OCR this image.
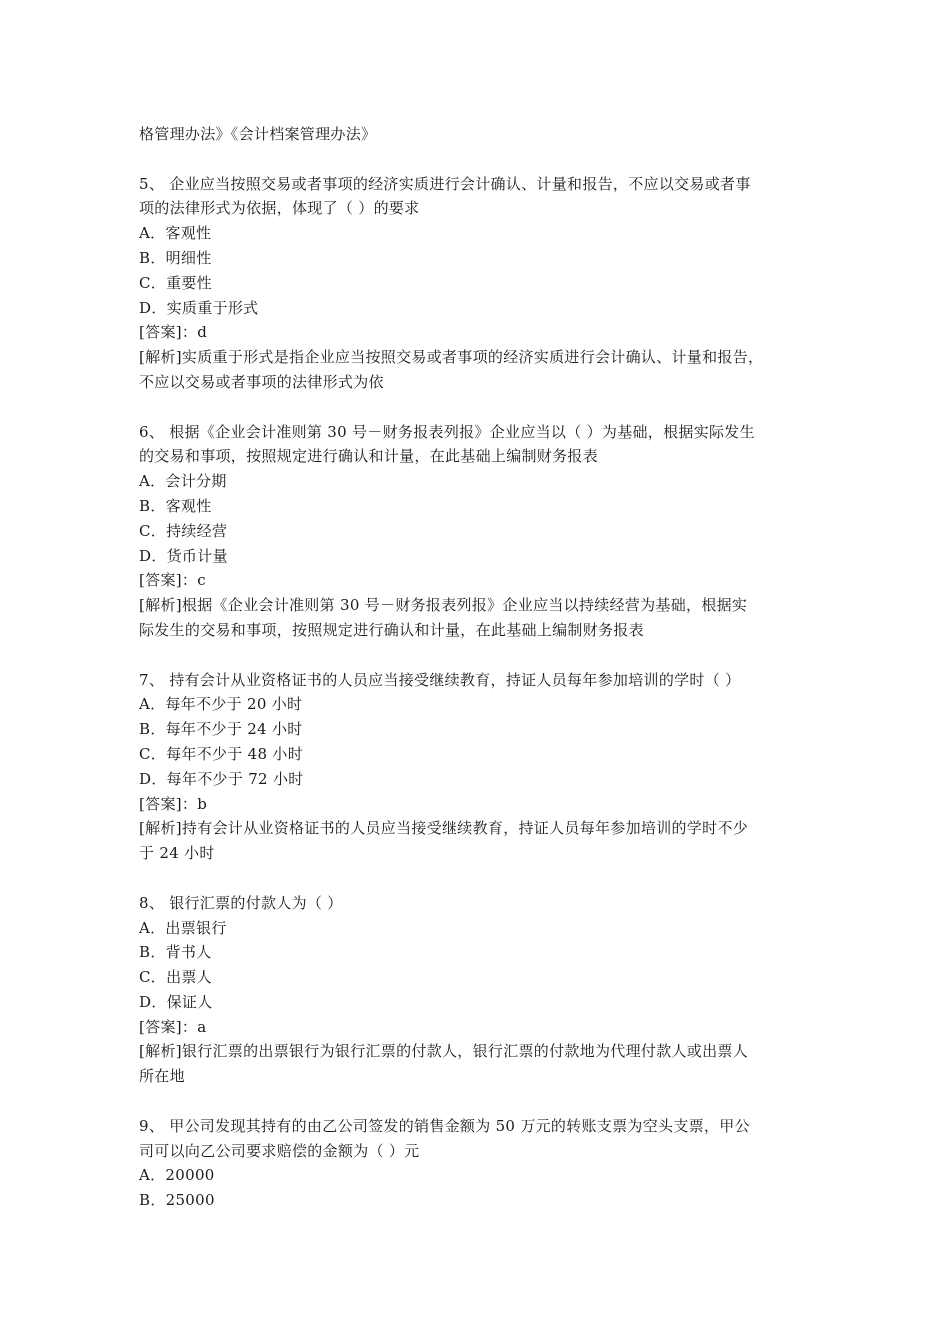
格管理办法》《会计档案管理办法》
5、 企业应当按照交易或者事项的经济实质进行会计确认、计量和报告，不应以交易或者事
项的法律形式为依据，体现了（ ）的要求
A．客观性
B．明细性
C．重要性
D．实质重于形式
[答案]：d
[解析]实质重于形式是指企业应当按照交易或者事项的经济实质进行会计确认、计量和报告，
不应以交易或者事项的法律形式为依
6、 根据《企业会计准则第 30 号－财务报表列报》企业应当以（ ）为基础，根据实际发生
的交易和事项，按照规定进行确认和计量，在此基础上编制财务报表
A．会计分期
B．客观性
C．持续经营
D．货币计量
[答案]：c
[解析]根据《企业会计准则第 30 号－财务报表列报》企业应当以持续经营为基础，根据实
际发生的交易和事项，按照规定进行确认和计量，在此基础上编制财务报表
7、 持有会计从业资格证书的人员应当接受继续教育，持证人员每年参加培训的学时（ ）
A．每年不少于 20 小时
B．每年不少于 24 小时
C．每年不少于 48 小时
D．每年不少于 72 小时
[答案]：b
[解析]持有会计从业资格证书的人员应当接受继续教育，持证人员每年参加培训的学时不少
于 24 小时
8、 银行汇票的付款人为（ ）
A．出票银行
B．背书人
C．出票人
D．保证人
[答案]：a
[解析]银行汇票的出票银行为银行汇票的付款人，银行汇票的付款地为代理付款人或出票人
所在地
9、 甲公司发现其持有的由乙公司签发的销售金额为 50 万元的转账支票为空头支票，甲公
司可以向乙公司要求赔偿的金额为（ ）元
A．20000
B．25000
